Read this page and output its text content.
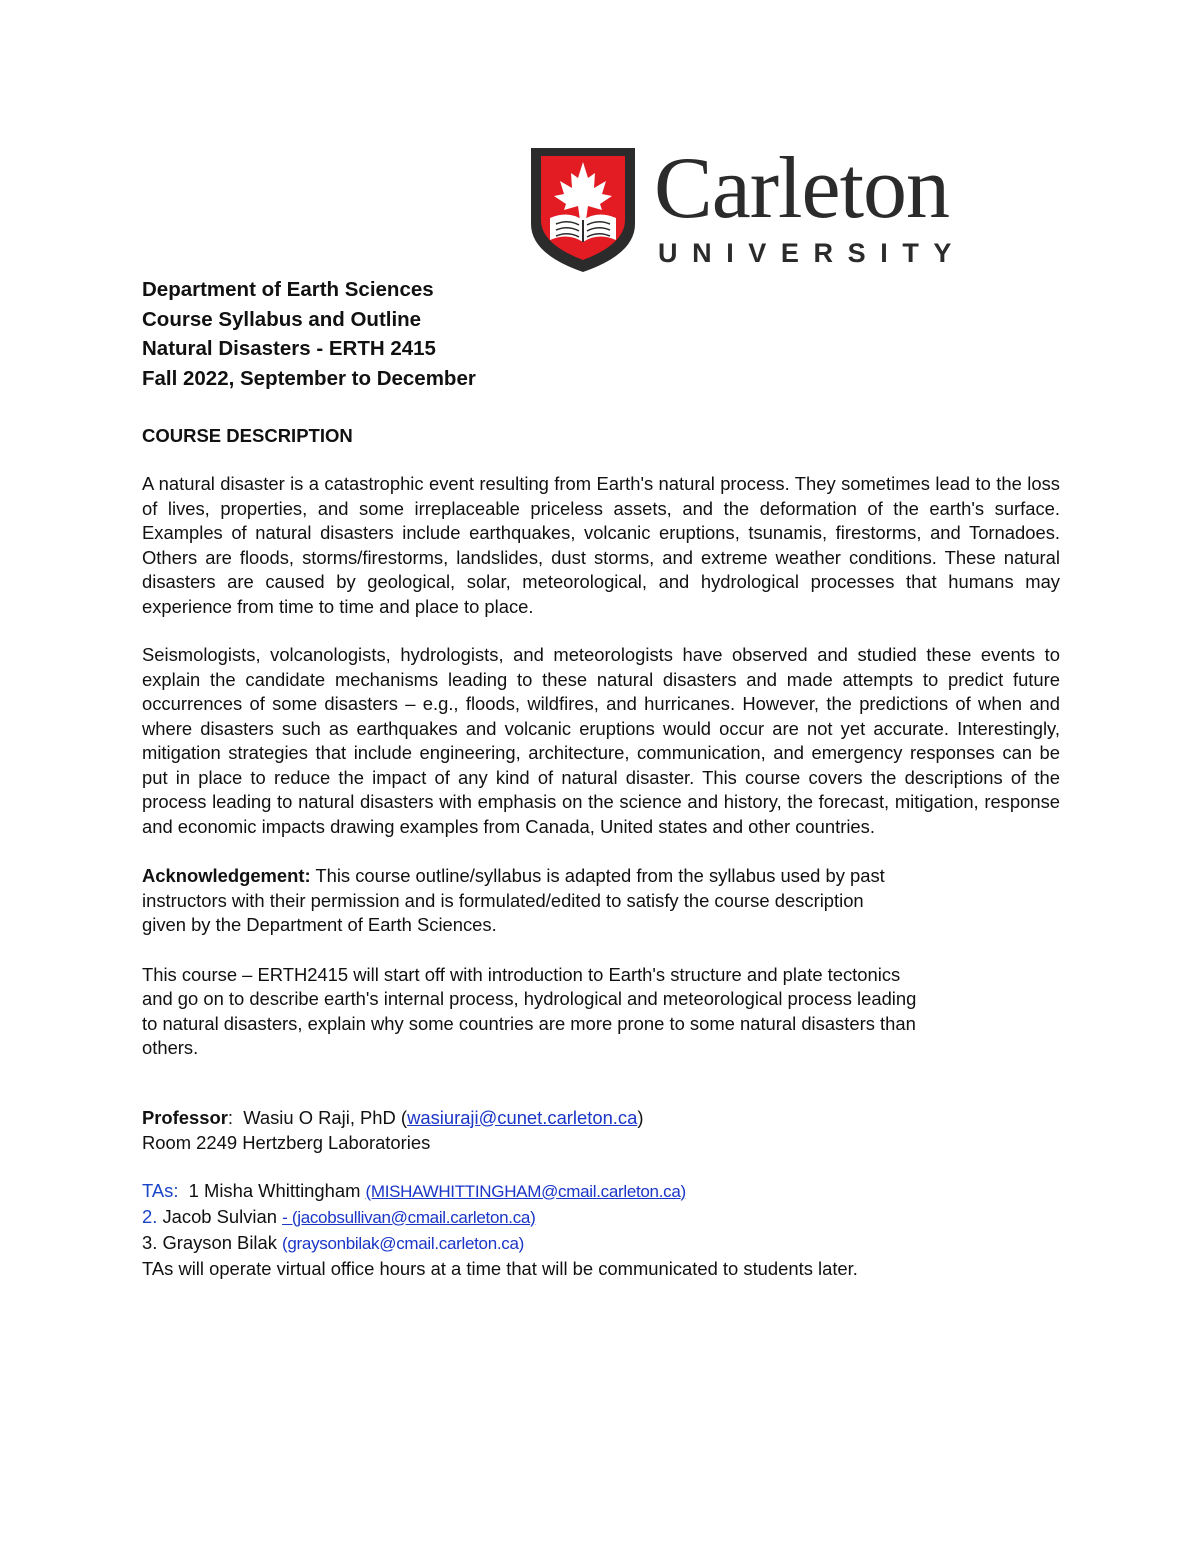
Carleton
UNIVERSITY
Department of Earth Sciences
Course Syllabus and Outline
Natural Disasters - ERTH 2415
Fall 2022, September to December
COURSE DESCRIPTION

A natural disaster is a catastrophic event resulting from Earth's natural process. They sometimes lead to the loss of lives, properties, and some irreplaceable priceless assets, and the deformation of the earth's surface. Examples of natural disasters include earthquakes, volcanic eruptions, tsunamis, firestorms, and Tornadoes. Others are floods, storms/firestorms, landslides, dust storms, and extreme weather conditions. These natural disasters are caused by geological, solar, meteorological, and hydrological processes that humans may experience from time to time and place to place.

Seismologists, volcanologists, hydrologists, and meteorologists have observed and studied these events to explain the candidate mechanisms leading to these natural disasters and made attempts to predict future occurrences of some disasters – e.g., floods, wildfires, and hurricanes. However, the predictions of when and where disasters such as earthquakes and volcanic eruptions would occur are not yet accurate. Interestingly, mitigation strategies that include engineering, architecture, communication, and emergency responses can be put in place to reduce the impact of any kind of natural disaster. This course covers the descriptions of the process leading to natural disasters with emphasis on the science and history, the forecast, mitigation, response and economic impacts drawing examples from Canada, United states and other countries.

Acknowledgement: This course outline/syllabus is adapted from the syllabus used by past
instructors with their permission and is formulated/edited to satisfy the course description
given by the Department of Earth Sciences.

This course – ERTH2415 will start off with introduction to Earth's structure and plate tectonics
and go on to describe earth's internal process, hydrological and meteorological process leading
to natural disasters, explain why some countries are more prone to some natural disasters than
others.

Professor:  Wasiu O Raji, PhD (wasiuraji@cunet.carleton.ca)

Room 2249 Hertzberg Laboratories

TAs:  1 Misha Whittingham (MISHAWHITTINGHAM@cmail.carleton.ca)

2. Jacob Sulvian - (jacobsullivan@cmail.carleton.ca)

3. Grayson Bilak (graysonbilak@cmail.carleton.ca)

TAs will operate virtual office hours at a time that will be communicated to students later.
